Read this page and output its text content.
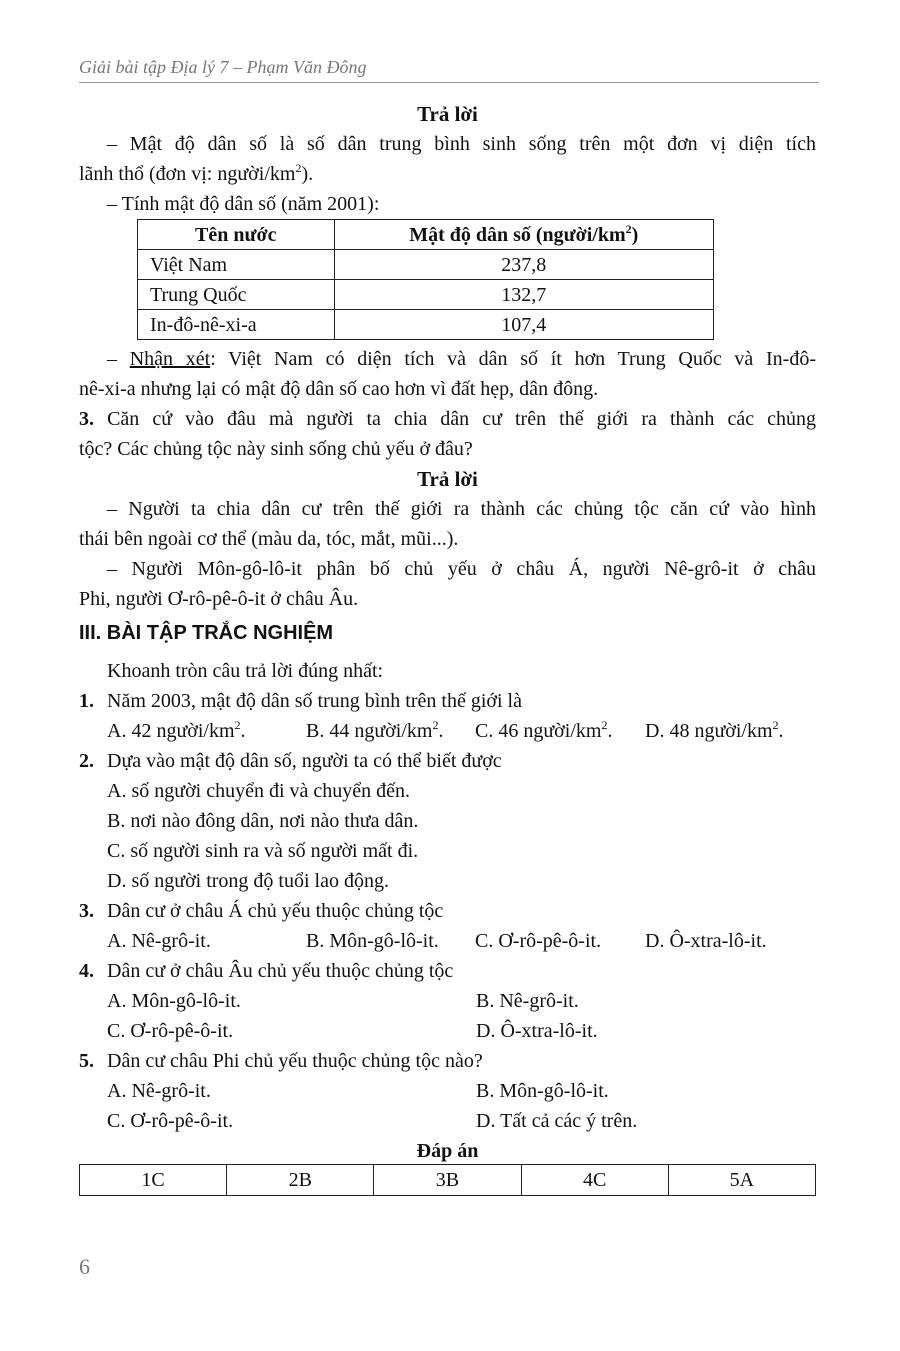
Giải bài tập Địa lý 7 – Phạm Văn Đông
Trả lời
– Mật độ dân số là số dân trung bình sinh sống trên một đơn vị diện tích
lãnh thổ (đơn vị: người/$km^2$).
– Tính mật độ dân số (năm 2001):
Tên nước	Mật độ dân số $(người/km^2)$
Việt Nam	237,8
Trung Quốc	132,7
In-đô-nê-xi-a	107,4
– Nhận xét: Việt Nam có diện tích và dân số ít hơn Trung Quốc và In-đô-
nê-xi-a nhưng lại có mật độ dân số cao hơn vì đất hẹp, dân đông.
3. Căn cứ vào đâu mà người ta chia dân cư trên thế giới ra thành các chủng
tộc? Các chủng tộc này sinh sống chủ yếu ở đâu?
Trả lời
– Người ta chia dân cư trên thế giới ra thành các chủng tộc căn cứ vào hình
thái bên ngoài cơ thể (màu da, tóc, mắt, mũi...).
– Người Môn-gô-lô-it phân bố chủ yếu ở châu Á, người Nê-grô-it ở châu
Phi, người Ơ-rô-pê-ô-it ở châu Âu.
III. BÀI TẬP TRẮC NGHIỆM
Khoanh tròn câu trả lời đúng nhất:
1. Năm 2003, mật độ dân số trung bình trên thế giới là
A. 42 người/$km^2$.	B. 44 người/$km^2$.	C. 46 người/$km^2$.	D. 48 người/$km^2$.
2. Dựa vào mật độ dân số, người ta có thể biết được
A. số người chuyển đi và chuyển đến.
B. nơi nào đông dân, nơi nào thưa dân.
C. số người sinh ra và số người mất đi.
D. số người trong độ tuổi lao động.
3. Dân cư ở châu Á chủ yếu thuộc chủng tộc
A. Nê-grô-it.	B. Môn-gô-lô-it.	C. Ơ-rô-pê-ô-it.	D. Ô-xtra-lô-it.
4. Dân cư ở châu Âu chủ yếu thuộc chủng tộc
A. Môn-gô-lô-it.	B. Nê-grô-it.
C. Ơ-rô-pê-ô-it.	D. Ô-xtra-lô-it.
5. Dân cư châu Phi chủ yếu thuộc chủng tộc nào?
A. Nê-grô-it.	B. Môn-gô-lô-it.
C. Ơ-rô-pê-ô-it.	D. Tất cả các ý trên.
Đáp án
1C	2B	3B	4C	5A
6
